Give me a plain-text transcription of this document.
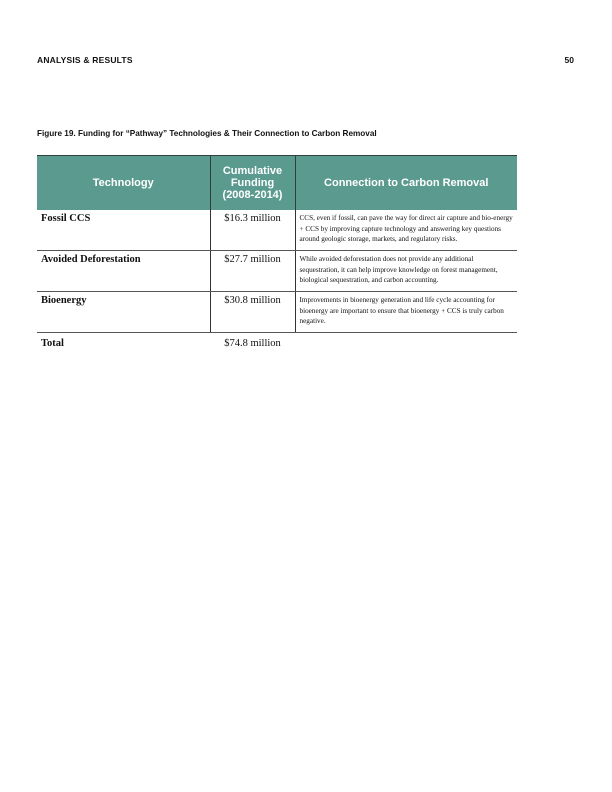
ANALYSIS & RESULTS	50
Figure 19. Funding for “Pathway” Technologies & Their Connection to Carbon Removal
Technology	Cumulative Funding (2008-2014)	Connection to Carbon Removal
Fossil CCS	$16.3 million	CCS, even if fossil, can pave the way for direct air capture and bio-energy + CCS by improving capture technology and answering key questions around geologic storage, markets, and regulatory risks.
Avoided Deforestation	$27.7 million	While avoided deforestation does not provide any additional sequestration, it can help improve knowledge on forest management, biological sequestration, and carbon accounting.
Bioenergy	$30.8 million	Improvements in bioenergy generation and life cycle accounting for bioenergy are important to ensure that bioenergy + CCS is truly carbon negative.
Total	$74.8 million	
